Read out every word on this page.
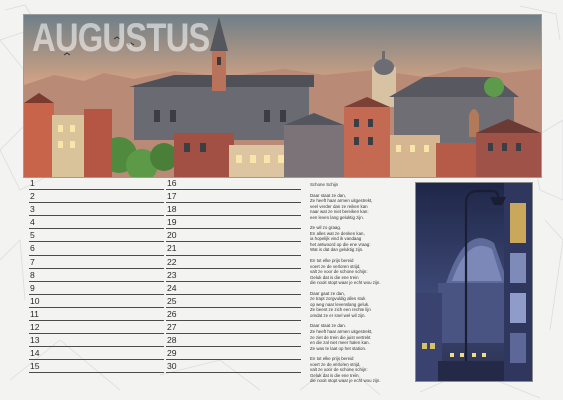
AUGUSTUS
1
2
3
4
5
6
7
8
9
10
11
12
13
14
15
16
17
18
19
20
21
22
23
24
25
26
27
28
29
30
Schone Schijn
Daar staat ze dan,
Ze heeft haar armen uitgestrekt,
veel verder dan ze reiken kan
naar wat ze niet bereiken kan:
een leven lang geluktig zijn.
Ze wil zo graag.
En alles wat ze denken kan,
ia hopelijk vind ik vandaag
het antwoord op die ene vraag:
Wat is dat dan geluktig zijn.
En tot elke prijs bereid
voert ze de verloren strijd,
valt ze voor de schone schijn:
Geluk dat is die ene trein
die nooit stopt waar je echt wou zijn.
Daar gaat ze dan,
ze trapt zorgvuldig alles stuk
op weg naar levenslang geluk.
Ze beent ze zich een rechte lijn
omdat ze er snel wel wil zijn.
Daar staat ze dan.
Ze heeft haar armen uitgestrekt,
ze ziet de trein die juist vertrekt
en die zal niet meer halen kan.
Ze was te laat op het station.
En tot elke prijs bereid
voert ze de verloren strijd,
valt ze voor de schone schijn:
Geluk dat is die ene trein
die nooit stopt waar je echt wou zijn.
